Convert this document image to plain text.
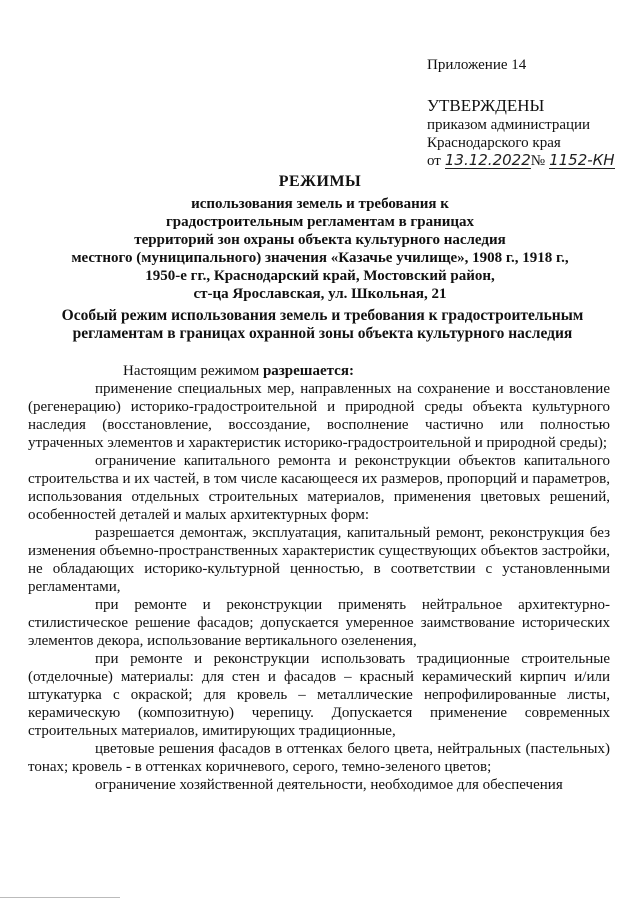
Приложение 14
УТВЕРЖДЕНЫ
приказом администрации
Краснодарского края
от 13.12.2022№ 1152-КН
РЕЖИМЫ
использования земель и требования к
градостроительным регламентам в границах
территорий зон охраны объекта культурного наследия
местного (муниципального) значения «Казачье училище», 1908 г., 1918 г.,
1950-е гг., Краснодарский край, Мостовский район,
ст-ца Ярославская, ул. Школьная, 21
Особый режим использования земель и требования к градостроительным
регламентам в границах охранной зоны объекта культурного наследия

Настоящим режимом разрешается:

применение специальных мер, направленных на сохранение и восстановление (регенерацию) историко-градостроительной и природной среды объекта культурного наследия (восстановление, воссоздание, восполнение частично или полностью утраченных элементов и характеристик историко-градостроительной и природной среды);

ограничение капитального ремонта и реконструкции объектов капитального строительства и их частей, в том числе касающееся их размеров, пропорций и параметров, использования отдельных строительных материалов, применения цветовых решений, особенностей деталей и малых архитектурных форм:

разрешается демонтаж, эксплуатация, капитальный ремонт, реконструкция без изменения объемно-пространственных характеристик существующих объектов застройки, не обладающих историко-культурной ценностью, в соответствии с установленными регламентами,

при ремонте и реконструкции применять нейтральное архитектурно-стилистическое решение фасадов; допускается умеренное заимствование исторических элементов декора, использование вертикального озеленения,

при ремонте и реконструкции использовать традиционные строительные (отделочные) материалы: для стен и фасадов – красный керамический кирпич и/или штукатурка с окраской; для кровель – металлические непрофилированные листы, керамическую (композитную) черепицу. Допускается применение современных строительных материалов, имитирующих традиционные,

цветовые решения фасадов в оттенках белого цвета, нейтральных (пастельных) тонах; кровель - в оттенках коричневого, серого, темно-зеленого цветов;

ограничение хозяйственной деятельности, необходимое для обеспечения
